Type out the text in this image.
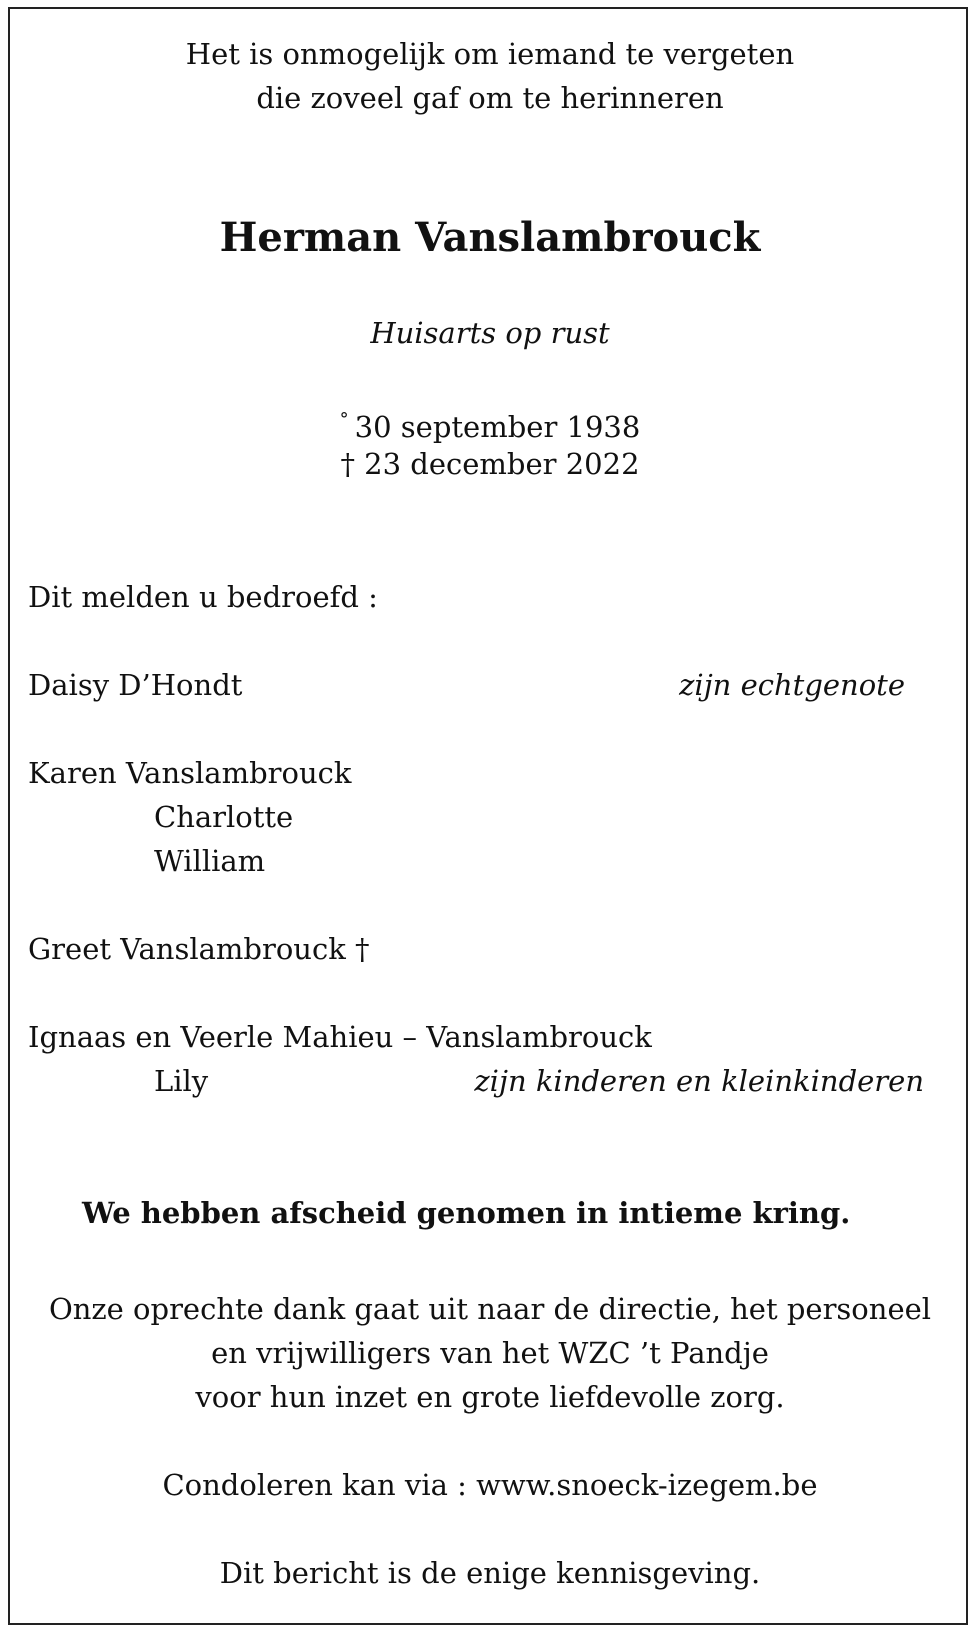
Het is onmogelijk om iemand te vergeten
die zoveel gaf om te herinneren
Herman Vanslambrouck
Huisarts op rust
° 30 september 1938
† 23 december 2022
Dit melden u bedroefd :
Daisy D’Hondt	zijn echtgenote
Karen Vanslambrouck
Charlotte
William
Greet Vanslambrouck †
Ignaas en Veerle Mahieu – Vanslambrouck
Lily	zijn kinderen en kleinkinderen
We hebben afscheid genomen in intieme kring.
Onze oprechte dank gaat uit naar de directie, het personeel
en vrijwilligers van het WZC ’t Pandje
voor hun inzet en grote liefdevolle zorg.
Condoleren kan via : www.snoeck-izegem.be
Dit bericht is de enige kennisgeving.
